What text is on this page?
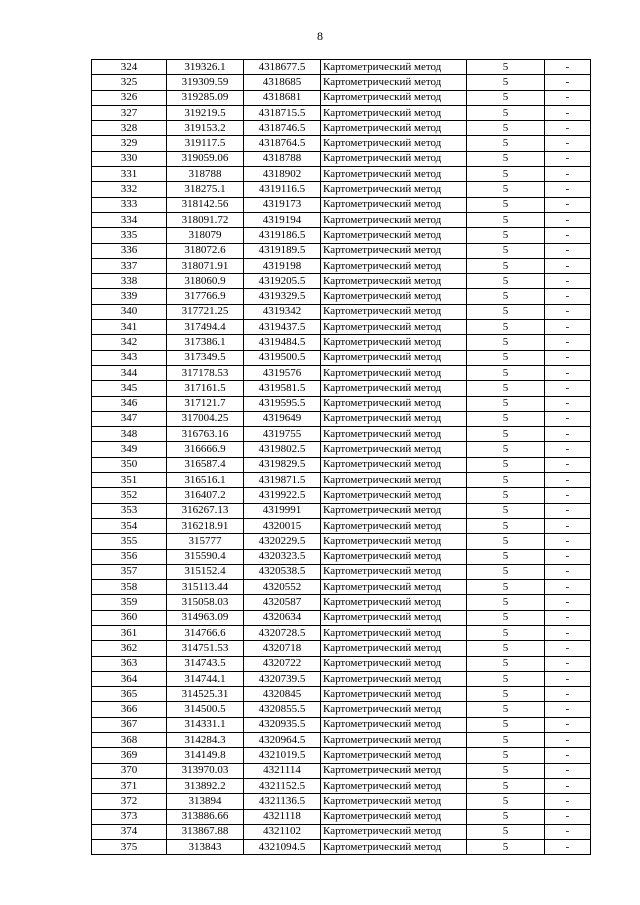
8
324	319326.1	4318677.5	Картометрический метод	5	-
325	319309.59	4318685	Картометрический метод	5	-
326	319285.09	4318681	Картометрический метод	5	-
327	319219.5	4318715.5	Картометрический метод	5	-
328	319153.2	4318746.5	Картометрический метод	5	-
329	319117.5	4318764.5	Картометрический метод	5	-
330	319059.06	4318788	Картометрический метод	5	-
331	318788	4318902	Картометрический метод	5	-
332	318275.1	4319116.5	Картометрический метод	5	-
333	318142.56	4319173	Картометрический метод	5	-
334	318091.72	4319194	Картометрический метод	5	-
335	318079	4319186.5	Картометрический метод	5	-
336	318072.6	4319189.5	Картометрический метод	5	-
337	318071.91	4319198	Картометрический метод	5	-
338	318060.9	4319205.5	Картометрический метод	5	-
339	317766.9	4319329.5	Картометрический метод	5	-
340	317721.25	4319342	Картометрический метод	5	-
341	317494.4	4319437.5	Картометрический метод	5	-
342	317386.1	4319484.5	Картометрический метод	5	-
343	317349.5	4319500.5	Картометрический метод	5	-
344	317178.53	4319576	Картометрический метод	5	-
345	317161.5	4319581.5	Картометрический метод	5	-
346	317121.7	4319595.5	Картометрический метод	5	-
347	317004.25	4319649	Картометрический метод	5	-
348	316763.16	4319755	Картометрический метод	5	-
349	316666.9	4319802.5	Картометрический метод	5	-
350	316587.4	4319829.5	Картометрический метод	5	-
351	316516.1	4319871.5	Картометрический метод	5	-
352	316407.2	4319922.5	Картометрический метод	5	-
353	316267.13	4319991	Картометрический метод	5	-
354	316218.91	4320015	Картометрический метод	5	-
355	315777	4320229.5	Картометрический метод	5	-
356	315590.4	4320323.5	Картометрический метод	5	-
357	315152.4	4320538.5	Картометрический метод	5	-
358	315113.44	4320552	Картометрический метод	5	-
359	315058.03	4320587	Картометрический метод	5	-
360	314963.09	4320634	Картометрический метод	5	-
361	314766.6	4320728.5	Картометрический метод	5	-
362	314751.53	4320718	Картометрический метод	5	-
363	314743.5	4320722	Картометрический метод	5	-
364	314744.1	4320739.5	Картометрический метод	5	-
365	314525.31	4320845	Картометрический метод	5	-
366	314500.5	4320855.5	Картометрический метод	5	-
367	314331.1	4320935.5	Картометрический метод	5	-
368	314284.3	4320964.5	Картометрический метод	5	-
369	314149.8	4321019.5	Картометрический метод	5	-
370	313970.03	4321114	Картометрический метод	5	-
371	313892.2	4321152.5	Картометрический метод	5	-
372	313894	4321136.5	Картометрический метод	5	-
373	313886.66	4321118	Картометрический метод	5	-
374	313867.88	4321102	Картометрический метод	5	-
375	313843	4321094.5	Картометрический метод	5	-
